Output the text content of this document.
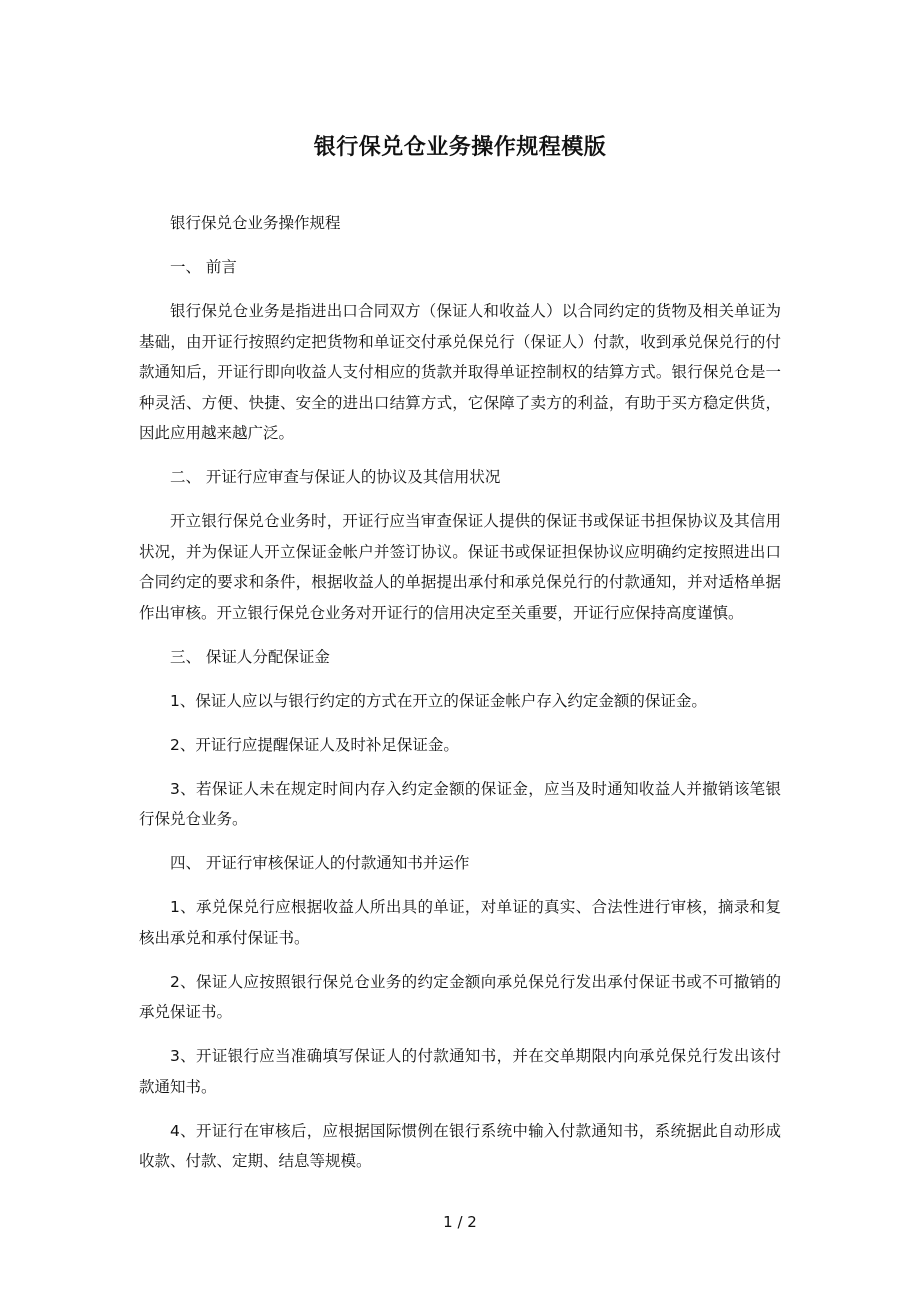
银行保兑仓业务操作规程模版

银行保兑仓业务操作规程

一、 前言

银行保兑仓业务是指进出口合同双方（保证人和收益人）以合同约定的货物及相关单证为基础，由开证行按照约定把货物和单证交付承兑保兑行（保证人）付款，收到承兑保兑行的付款通知后，开证行即向收益人支付相应的货款并取得单证控制权的结算方式。银行保兑仓是一种灵活、方便、快捷、安全的进出口结算方式，它保障了卖方的利益，有助于买方稳定供货，因此应用越来越广泛。

二、 开证行应审查与保证人的协议及其信用状况

开立银行保兑仓业务时，开证行应当审查保证人提供的保证书或保证书担保协议及其信用状况，并为保证人开立保证金帐户并签订协议。保证书或保证担保协议应明确约定按照进出口合同约定的要求和条件，根据收益人的单据提出承付和承兑保兑行的付款通知，并对适格单据作出审核。开立银行保兑仓业务对开证行的信用决定至关重要，开证行应保持高度谨慎。

三、 保证人分配保证金

1、保证人应以与银行约定的方式在开立的保证金帐户存入约定金额的保证金。

2、开证行应提醒保证人及时补足保证金。

3、若保证人未在规定时间内存入约定金额的保证金，应当及时通知收益人并撤销该笔银行保兑仓业务。

四、 开证行审核保证人的付款通知书并运作

1、承兑保兑行应根据收益人所出具的单证，对单证的真实、合法性进行审核，摘录和复核出承兑和承付保证书。

2、保证人应按照银行保兑仓业务的约定金额向承兑保兑行发出承付保证书或不可撤销的承兑保证书。

3、开证银行应当准确填写保证人的付款通知书，并在交单期限内向承兑保兑行发出该付款通知书。

4、开证行在审核后，应根据国际惯例在银行系统中输入付款通知书，系统据此自动形成收款、付款、定期、结息等规模。

1 / 2
